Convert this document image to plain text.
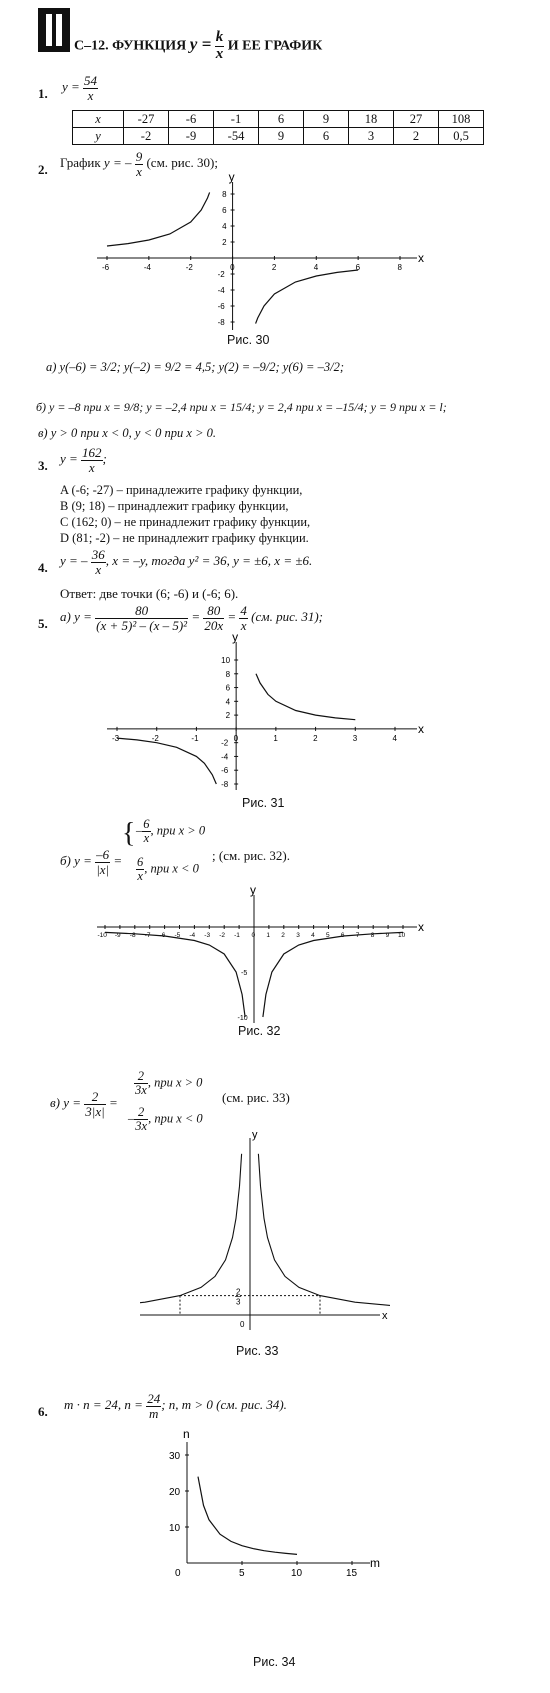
С–12. ФУНКЦИЯ $y = \frac{k}{x}$ И ЕЕ ГРАФИК
1. $y = \frac{54}{x}$
x	-27	-6	-1	6	9	18	27	108
y	-2	-9	-54	9	6	3	2	0,5
2. График y = – $\frac{9}{x} (см$. рис. 30);
x
y
-6	-4	-2	0	2	4	6	8
8
6
4
2
-2
-4
-6
-8
Рис. 30
а) y(–6) = 3/2; y(–2) = 9/2 = 4,5; y(2) = –9/2; y(6) = –3/2;
б) y = –8 при x = 9/8; y = –2,4 при x = 15/4; y = 2,4 при x = –15/4; y = 9 при x = l;
в) y > 0 при x < 0, y < 0 при x > 0.
3. $y = \frac{162}{x}$ ;
A (-6; -27) – принадлежите графику функции,
B (9; 18) – принадлежит графику функции,
C (162; 0) – не принадлежит графику функции,
D (81; -2) – не принадлежит графику функции.
4. y = – $\frac{36}{x}$ , x = –y, тогда y² = 36, y = ±6, x = ±6.
Ответ: две точки (6; -6) и (-6; 6).
5. а) $y = \frac{80}{\text{(x + 5)² – (x – 5)²}} = \frac{80}{20x} = \frac{4}{x} (см$. рис. 31);
x
y
-3	-2	-1	0	1	2	3	4
10
8
6
4
2
-2
-4
-6
-8
Рис. 31
б) $y = \frac{-6}{|x|}$ =
{ – $\frac{6}{x}$ , при x > 0
$\frac{6}{x}$ , при x < 0
; (см. рис. 32).
x
y
-10 -9 -8 -7 -6 -5 -4 -3 -2 -1 0 1 2 3 4 5 6 7 8 9 10
-5
-10
Рис. 32
в) $y = \frac{2}{3|x|}$ =
$\frac{2}{3x}$ , при x > 0
– $\frac{2}{3x}$ , при x < 0
(см. рис. 33)
x
y
2
3
0
Рис. 33
6. m · n = 24, $n = \frac{24}{m}$ ; n, m > 0 (см. рис. 34).
m
n
5	10	15
0
30
20
10
Рис. 34
